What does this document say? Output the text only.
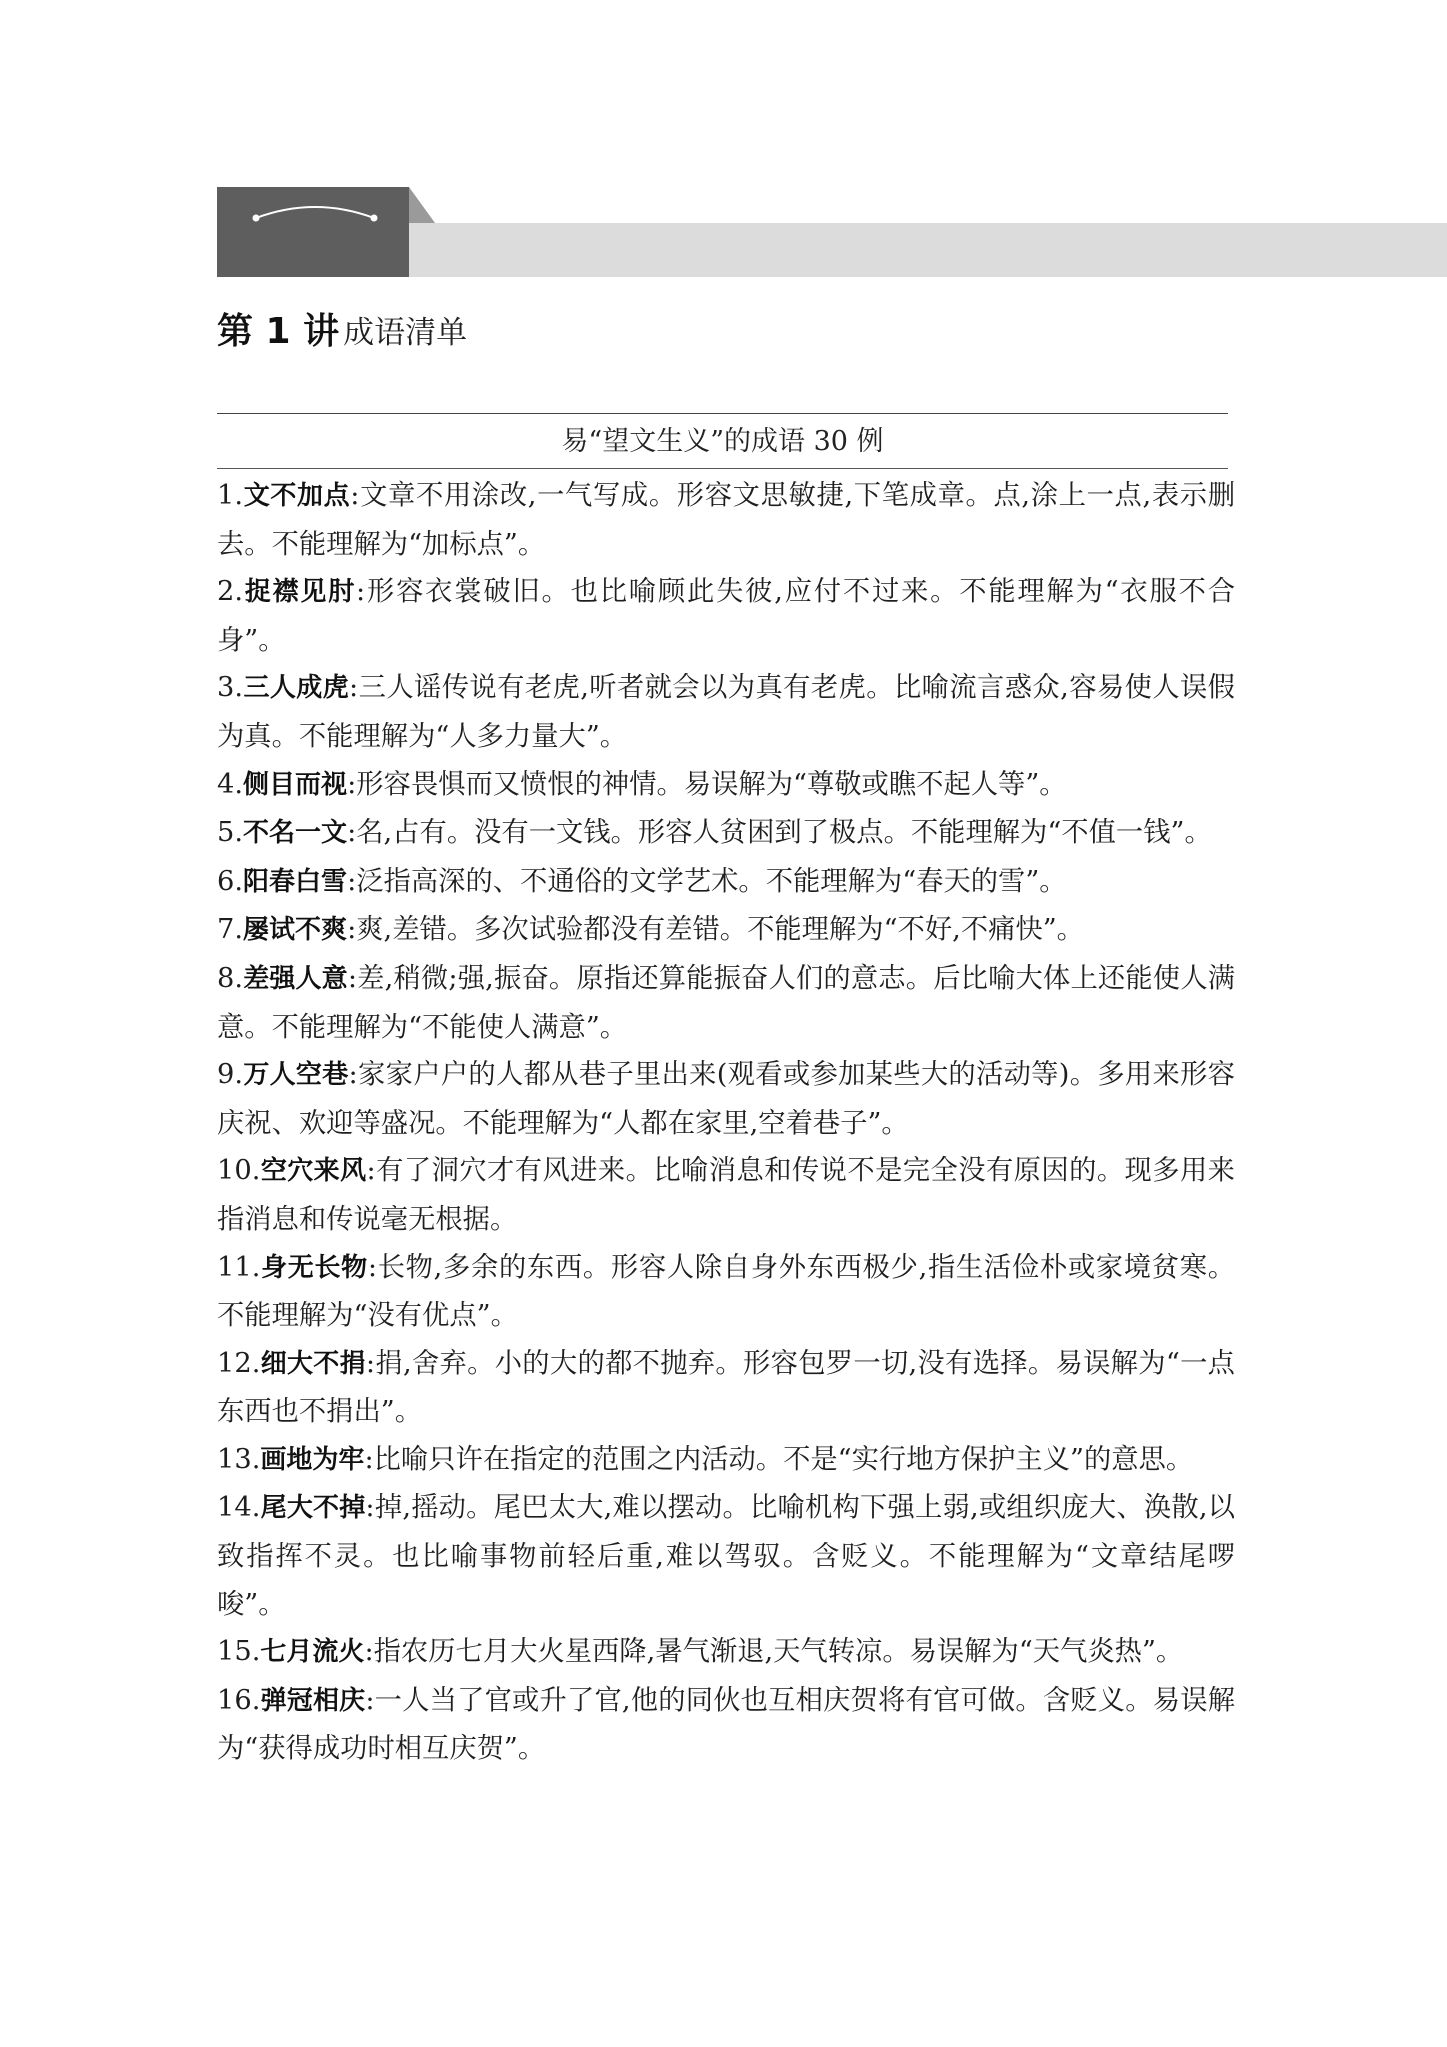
第 1 讲 成语清单
易“望文生义”的成语 30 例

1.文不加点:文章不用涂改,一气写成。形容文思敏捷,下笔成章。点,涂上一点,表示删去。不能理解为“加标点”。

2.捉襟见肘:形容衣裳破旧。也比喻顾此失彼,应付不过来。不能理解为“衣服不合身”。

3.三人成虎:三人谣传说有老虎,听者就会以为真有老虎。比喻流言惑众,容易使人误假为真。不能理解为“人多力量大”。

4.侧目而视:形容畏惧而又愤恨的神情。易误解为“尊敬或瞧不起人等”。

5.不名一文:名,占有。没有一文钱。形容人贫困到了极点。不能理解为“不值一钱”。

6.阳春白雪:泛指高深的、不通俗的文学艺术。不能理解为“春天的雪”。

7.屡试不爽:爽,差错。多次试验都没有差错。不能理解为“不好,不痛快”。

8.差强人意:差,稍微;强,振奋。原指还算能振奋人们的意志。后比喻大体上还能使人满意。不能理解为“不能使人满意”。

9.万人空巷:家家户户的人都从巷子里出来(观看或参加某些大的活动等)。多用来形容庆祝、欢迎等盛况。不能理解为“人都在家里,空着巷子”。

10.空穴来风:有了洞穴才有风进来。比喻消息和传说不是完全没有原因的。现多用来指消息和传说毫无根据。

11.身无长物:长物,多余的东西。形容人除自身外东西极少,指生活俭朴或家境贫寒。不能理解为“没有优点”。

12.细大不捐:捐,舍弃。小的大的都不抛弃。形容包罗一切,没有选择。易误解为“一点东西也不捐出”。

13.画地为牢:比喻只许在指定的范围之内活动。不是“实行地方保护主义”的意思。

14.尾大不掉:掉,摇动。尾巴太大,难以摆动。比喻机构下强上弱,或组织庞大、涣散,以致指挥不灵。也比喻事物前轻后重,难以驾驭。含贬义。不能理解为“文章结尾啰唆”。

15.七月流火:指农历七月大火星西降,暑气渐退,天气转凉。易误解为“天气炎热”。

16.弹冠相庆:一人当了官或升了官,他的同伙也互相庆贺将有官可做。含贬义。易误解为“获得成功时相互庆贺”。
